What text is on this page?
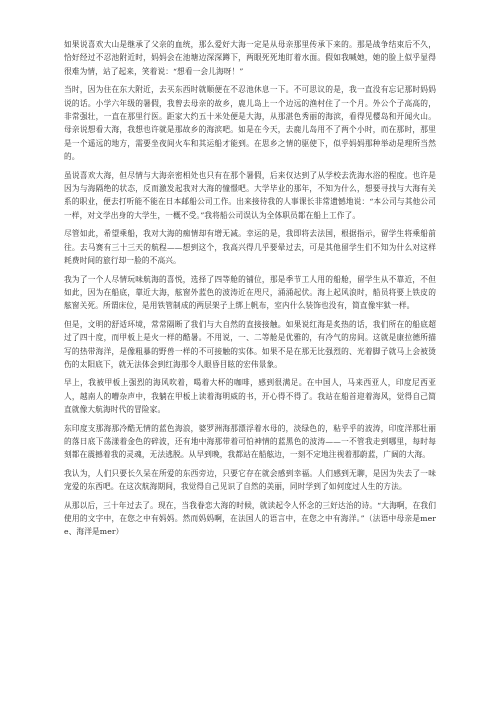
如果说喜欢大山是继承了父亲的血统，那么爱好大海一定是从母亲那里传承下来的。那是战争结束后不久，恰好经过不忍池附近时，妈妈会在池塘边深深蹲下，两眼死死地盯着水面。假如我喊她，她的脸上似乎显得很难为情，站了起来，笑着说：“想看一会儿海呀！”

当时，因为住在东大附近，去买东西时就顺便在不忍池休息一下。不可思议的是，我一直没有忘记那时妈妈说的话。小学六年级的暑假，我曾去母亲的故乡，鹿儿岛上一个边远的渔村住了一个月。外公个子高高的，非常强壮，一直在那里行医。距家大约五十米处便是大海，从那湛色秀丽的海滨，看得见樱岛和开闻火山。母亲说想看大海，我想也许就是那故乡的海滨吧。如是在今天，去鹿儿岛用不了两个小时，而在那时，那里是一个遥远的地方，需要坐夜间火车和其运船才能到。在思乡之情的驱使下，似乎妈妈那种举动是理所当然的。

虽说喜欢大海，但尽情与大海亲密相处也只有在那个暑假，后来仅达到了从学校去洗海水浴的程度。也许是因为与海隔绝的状态，反而激发起我对大海的憧憬吧。大学毕业的那年，不知为什么，想要寻找与大海有关系的职业，便去打听能不能在日本邮船公司工作。出来接待我的人事课长非常遗憾地说：“本公司与其他公司一样，对文学出身的大学生，一概不受。”我将船公司误认为全体职员都在船上工作了。

尽管如此，希望乘船，我对大海的痴情却有增无减。幸运的是，我即将去法国，根据指示，留学生将乘船前往。去马赛有三十三天的航程——想到这个，我高兴得几乎要晕过去，可是其他留学生们不知为什么对这样耗费时间的旅行却一脸的不高兴。

我为了一个人尽情玩味航海的喜悦，选择了四等舱的铺位，那是季节工人用的船舱，留学生从不靠近，不但如此，因为在船底，靠近大海，舷窗外蓝色的波涛近在咫尺，涌涌起伏。海上起风浪时，船员将要上铁皮的舷窗关死。所谓床位，是用铁管制成的两层架子上绑上帆布，室内什么装饰也没有，简直像牢狱一样。

但是，文明的舒适环境，常常隔断了我们与大自然的直接接触。如果说红海是炙热的话，我们所在的船底超过了四十度，而甲板上是火一样的酷暑。不用说，一、二等舱是优雅的，有冷气的房间。这就是康拉德所描写的热带海洋，是像粗暴的野兽一样的不可接触的实体。如果不是在那无比强烈的、光着脚子就马上会被烫伤的太阳底下，就无法体会到红海那令人眼昏目眩的宏伟景象。

早上，我被甲板上强烈的海风吹着，喝着大杯的咖啡，感到很满足。在中国人，马来西亚人，印度尼西亚人，越南人的嘈杂声中，我躺在甲板上读着海明威的书，开心得不得了。我站在船首迎着海风，觉得自己简直就像大航海时代的冒险家。

东印度支那海那冷酷无情的蓝色海浪，婆罗洲海那漂浮着水母的，淡绿色的，粘乎乎的波涛，印度洋那壮丽的落日底下荡漾着金色的碎波，还有地中海那带着可怕神情的蓝黑色的波涛——一不管我走到哪里，每时每刻都在震撼着我的灵魂，无法逃脱。从早到晚，我都站在船舷边，一刻不定地注视着那蔚蓝，广阔的大海。

我认为，人们只要长久呆在所爱的东西旁边，只要它存在就会感到幸福。人们感到无聊，是因为失去了一味宠爱的东西吧。在这次航海期间，我觉得自己见识了自然的美丽，同时学到了如何度过人生的方法。

从那以后，三十年过去了。现在，当我眷恋大海的时候，就读起令人怀念的三好达治的诗。“大海啊，在我们使用的文字中，在您之中有妈妈。然而妈妈啊，在法国人的语言中，在您之中有海洋。”（法语中母亲是mere、海洋是mer）
